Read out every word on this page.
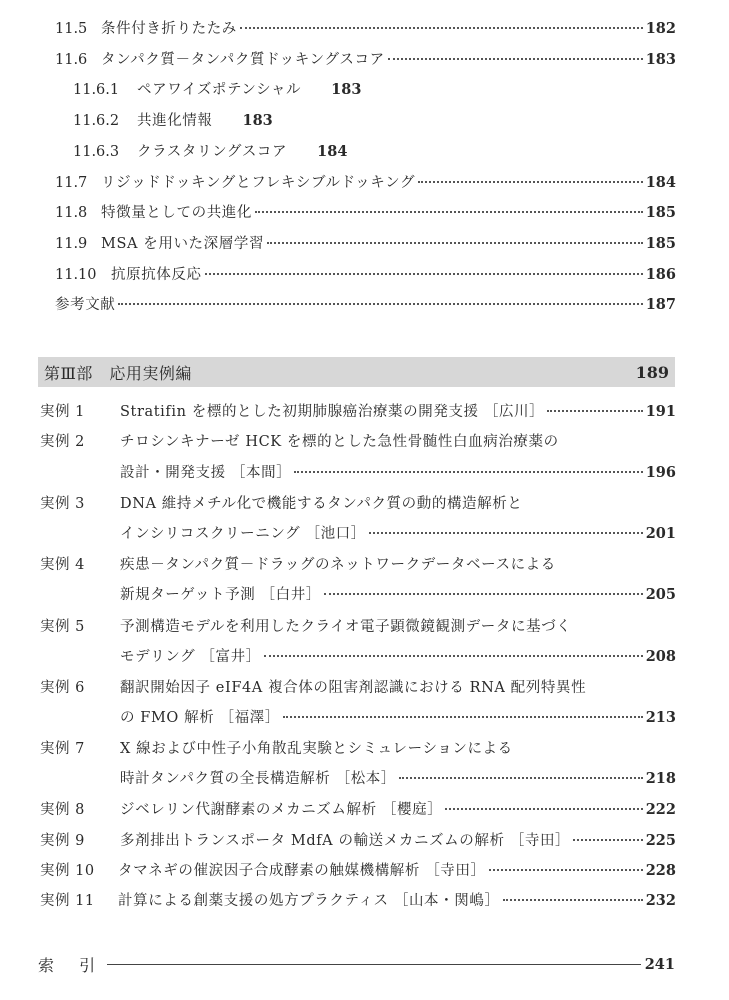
11.5 条件付き折りたたみ	182
11.6 タンパク質－タンパク質ドッキングスコア	183
11.6.1	ペアワイズポテンシャル 183
11.6.2	共進化情報 183
11.6.3	クラスタリングスコア 184
11.7 リジッドドッキングとフレキシブルドッキング	184
11.8 特徴量としての共進化	185
11.9 MSA を用いた深層学習	185
11.10 抗原抗体反応	186
参考文献	187
第Ⅲ部　応用実例編	189
実例 1	Stratifin を標的とした初期肺腺癌治療薬の開発支援 ［広川］	191
実例 2	チロシンキナーゼ HCK を標的とした急性骨髄性白血病治療薬の
設計・開発支援 ［本間］	196
実例 3	DNA 維持メチル化で機能するタンパク質の動的構造解析と
インシリコスクリーニング ［池口］	201
実例 4	疾患－タンパク質－ドラッグのネットワークデータベースによる
新規ターゲット予測 ［白井］	205
実例 5	予測構造モデルを利用したクライオ電子顕微鏡観測データに基づく
モデリング ［富井］	208
実例 6	翻訳開始因子 eIF4A 複合体の阻害剤認識における RNA 配列特異性
の FMO 解析 ［福澤］	213
実例 7	X 線および中性子小角散乱実験とシミュレーションによる
時計タンパク質の全長構造解析 ［松本］	218
実例 8	ジベレリン代謝酵素のメカニズム解析 ［櫻庭］	222
実例 9	多剤排出トランスポータ MdfA の輸送メカニズムの解析 ［寺田］	225
実例 10	タマネギの催涙因子合成酵素の触媒機構解析 ［寺田］	228
実例 11	計算による創薬支援の処方プラクティス ［山本・関嶋］	232
索 引	241
